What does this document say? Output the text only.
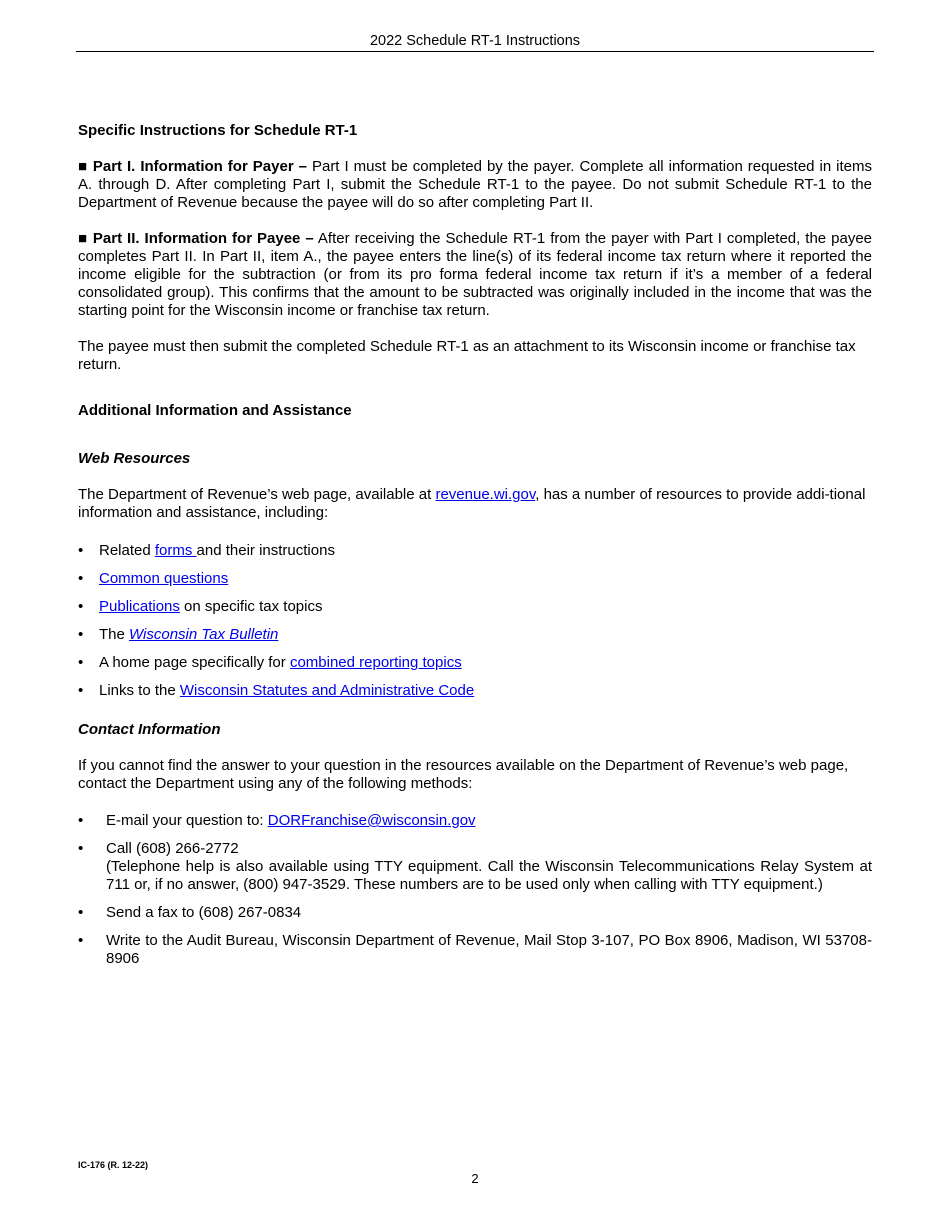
2022 Schedule RT-1 Instructions
Specific Instructions for Schedule RT-1

■ Part I. Information for Payer – Part I must be completed by the payer. Complete all information requested in items A. through D. After completing Part I, submit the Schedule RT-1 to the payee. Do not submit Schedule RT-1 to the Department of Revenue because the payee will do so after completing Part II.

■ Part II. Information for Payee – After receiving the Schedule RT-1 from the payer with Part I completed, the payee completes Part II. In Part II, item A., the payee enters the line(s) of its federal income tax return where it reported the income eligible for the subtraction (or from its pro forma federal income tax return if it’s a member of a federal consolidated group). This confirms that the amount to be subtracted was originally included in the income that was the starting point for the Wisconsin income or franchise tax return.

The payee must then submit the completed Schedule RT-1 as an attachment to its Wisconsin income or franchise tax return.

Additional Information and Assistance
Web Resources

The Department of Revenue’s web page, available at revenue.wi.gov, has a number of resources to provide addi-tional information and assistance, including:

• Related forms and their instructions
• Common questions
• Publications on specific tax topics
• The Wisconsin Tax Bulletin
• A home page specifically for combined reporting topics
• Links to the Wisconsin Statutes and Administrative Code
Contact Information

If you cannot find the answer to your question in the resources available on the Department of Revenue’s web page, contact the Department using any of the following methods:

• E-mail your question to: DORFranchise@wisconsin.gov
• Call (608) 266-2772
(Telephone help is also available using TTY equipment. Call the Wisconsin Telecommunications Relay System at 711 or, if no answer, (800) 947-3529. These numbers are to be used only when calling with TTY equipment.)
• Send a fax to (608) 267-0834
• Write to the Audit Bureau, Wisconsin Department of Revenue, Mail Stop 3-107, PO Box 8906, Madison, WI 53708-8906
IC-176 (R. 12-22)
2
